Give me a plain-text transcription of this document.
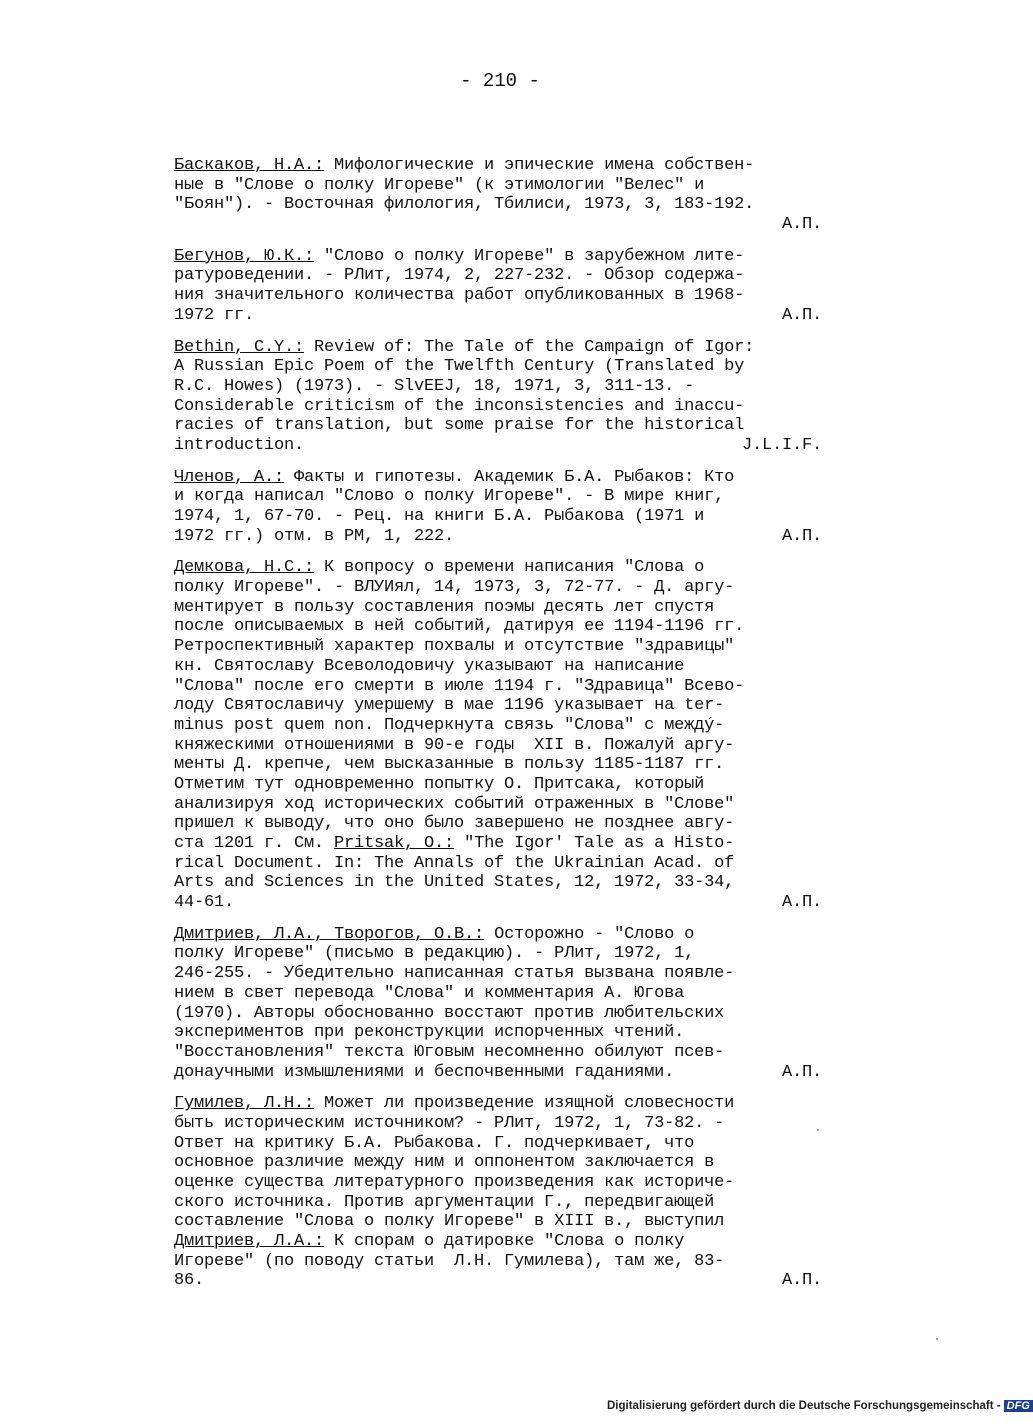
- 210 -
Баскаков, Н.А.: Мифологические и эпические имена собствен-
ные в "Слове о полку Игореве" (к этимологии "Велес" и
"Боян"). - Восточная филология, Тбилиси, 1973, 3, 183-192.
А.П.
Бегунов, Ю.К.: "Слово о полку Игореве" в зарубежном лите-
ратуроведении. - РЛит, 1974, 2, 227-232. - Обзор содержа-
ния значительного количества работ опубликованных в 1968-
1972 гг.	А.П.
Bethin, C.Y.: Review of: The Tale of the Campaign of Igor:
A Russian Epic Poem of the Twelfth Century (Translated by
R.C. Howes) (1973). - SlvEEJ, 18, 1971, 3, 311-13. -
Considerable criticism of the inconsistencies and inaccu-
racies of translation, but some praise for the historical
introduction.	J.L.I.F.
Членов, А.: Факты и гипотезы. Академик Б.А. Рыбаков: Кто
и когда написал "Слово о полку Игореве". - В мире книг,
1974, 1, 67-70. - Рец. на книги Б.А. Рыбакова (1971 и
1972 гг.) отм. в РМ, 1, 222.	А.П.
Демкова, Н.С.: К вопросу о времени написания "Слова о
полку Игореве". - ВЛУИял, 14, 1973, 3, 72-77. - Д. аргу-
ментирует в пользу составления поэмы десять лет спустя
после описываемых в ней событий, датируя ее 1194-1196 гг.
Ретроспективный характер похвалы и отсутствие "здравицы"
кн. Святославу Всеволодовичу указывают на написание
"Слова" после его смерти в июле 1194 г. "Здравица" Всево-
лоду Святославичу умершему в мае 1196 указывает на ter-
minus post quem non. Подчеркнута связь "Слова" с междý-
княжескими отношениями в 90-е годы  XII в. Пожалуй аргу-
менты Д. крепче, чем высказанные в пользу 1185-1187 гг.
Отметим тут одновременно попытку О. Притсака, который
анализируя ход исторических событий отраженных в "Слове"
пришел к выводу, что оно было завершено не позднее авгу-
ста 1201 г. См. Pritsak, O.: "The Igor' Tale as a Histo-
rical Document. In: The Annals of the Ukrainian Acad. of
Arts and Sciences in the United States, 12, 1972, 33-34,
44-61.	А.П.
Дмитриев, Л.А., Творогов, О.В.: Осторожно - "Слово о
полку Игореве" (письмо в редакцию). - РЛит, 1972, 1,
246-255. - Убедительно написанная статья вызвана появле-
нием в свет перевода "Слова" и комментария А. Югова
(1970). Авторы обоснованно восстают против любительских
экспериментов при реконструкции испорченных чтений.
"Восстановления" текста Юговым несомненно обилуют псев-
донаучными измышлениями и беспочвенными гаданиями.	А.П.
Гумилев, Л.Н.: Может ли произведение изящной словесности
быть историческим источником? - РЛит, 1972, 1, 73-82. -
Ответ на критику Б.А. Рыбакова. Г. подчеркивает, что
основное различие между ним и оппонентом заключается в
оценке существа литературного произведения как историче-
ского источника. Против аргументации Г., передвигающей
составление "Слова о полку Игореве" в XIII в., выступил
Дмитриев, Л.А.: К спорам о датировке "Слова о полку
Игореве" (по поводу статьи  Л.Н. Гумилева), там же, 83-
86.	А.П.
Digitalisierung gefördert durch die Deutsche Forschungsgemeinschaft - DFG
